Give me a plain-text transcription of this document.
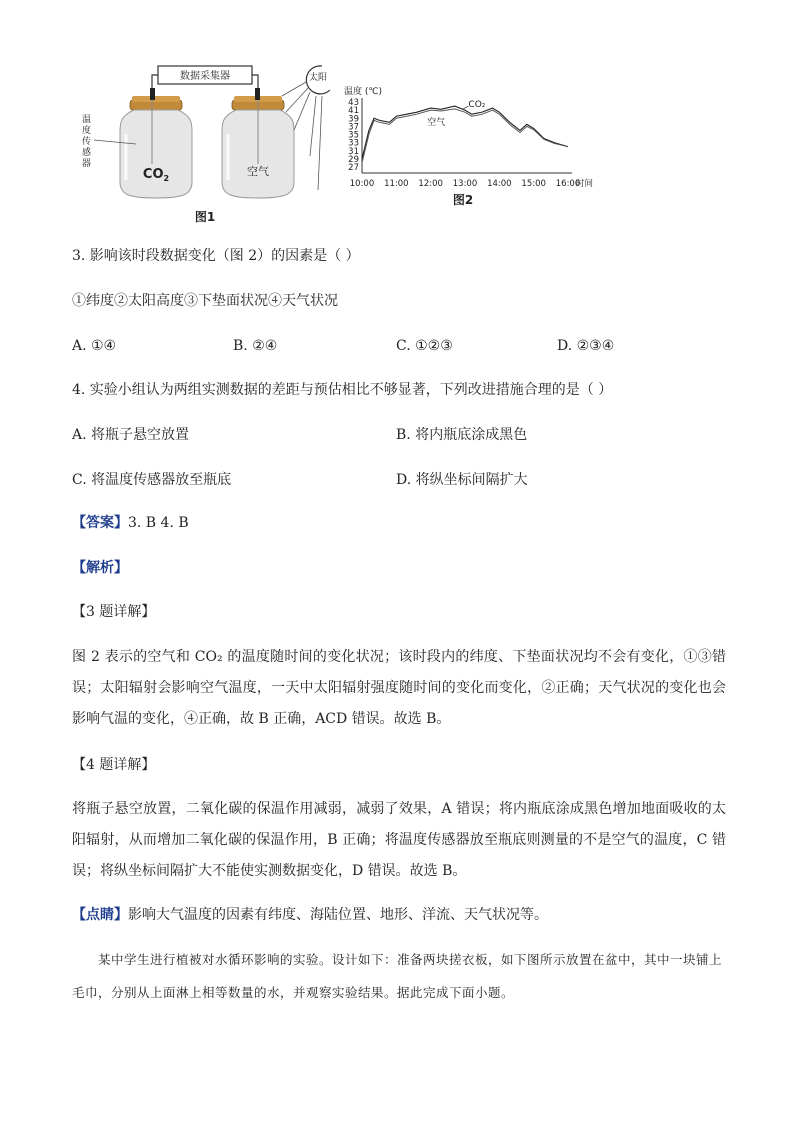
数据采集器
$CO_2$
空气
温
度
传
感
器
太阳
图1
图2
温度 (℃)
43
41
39
37
35
33
31
29
27
10:00 11:00 12:00 13:00 14:00 15:00 16:00
时间
CO₂
空气
3. 影响该时段数据变化（图 2）的因素是（ ）
①纬度②太阳高度③下垫面状况④天气状况
A. ①④	B. ②④	C. ①②③	D. ②③④
4. 实验小组认为两组实测数据的差距与预估相比不够显著，下列改进措施合理的是（ ）
A. 将瓶子悬空放置	B. 将内瓶底涂成黑色
C. 将温度传感器放至瓶底	D. 将纵坐标间隔扩大
【答案】3. B 4. B
【解析】
【3 题详解】
图 2 表示的空气和 CO₂ 的温度随时间的变化状况；该时段内的纬度、下垫面状况均不会有变化，①③错误；太阳辐射会影响空气温度，一天中太阳辐射强度随时间的变化而变化，②正确；天气状况的变化也会影响气温的变化，④正确，故 B 正确，ACD 错误。故选 B。
【4 题详解】
将瓶子悬空放置，二氧化碳的保温作用减弱，减弱了效果，A 错误；将内瓶底涂成黑色增加地面吸收的太阳辐射，从而增加二氧化碳的保温作用，B 正确；将温度传感器放至瓶底则测量的不是空气的温度，C 错误；将纵坐标间隔扩大不能使实测数据变化，D 错误。故选 B。
【点睛】影响大气温度的因素有纬度、海陆位置、地形、洋流、天气状况等。
某中学生进行植被对水循环影响的实验。设计如下：准备两块搓衣板，如下图所示放置在盆中，其中一块铺上毛巾，分别从上面淋上相等数量的水，并观察实验结果。据此完成下面小题。
